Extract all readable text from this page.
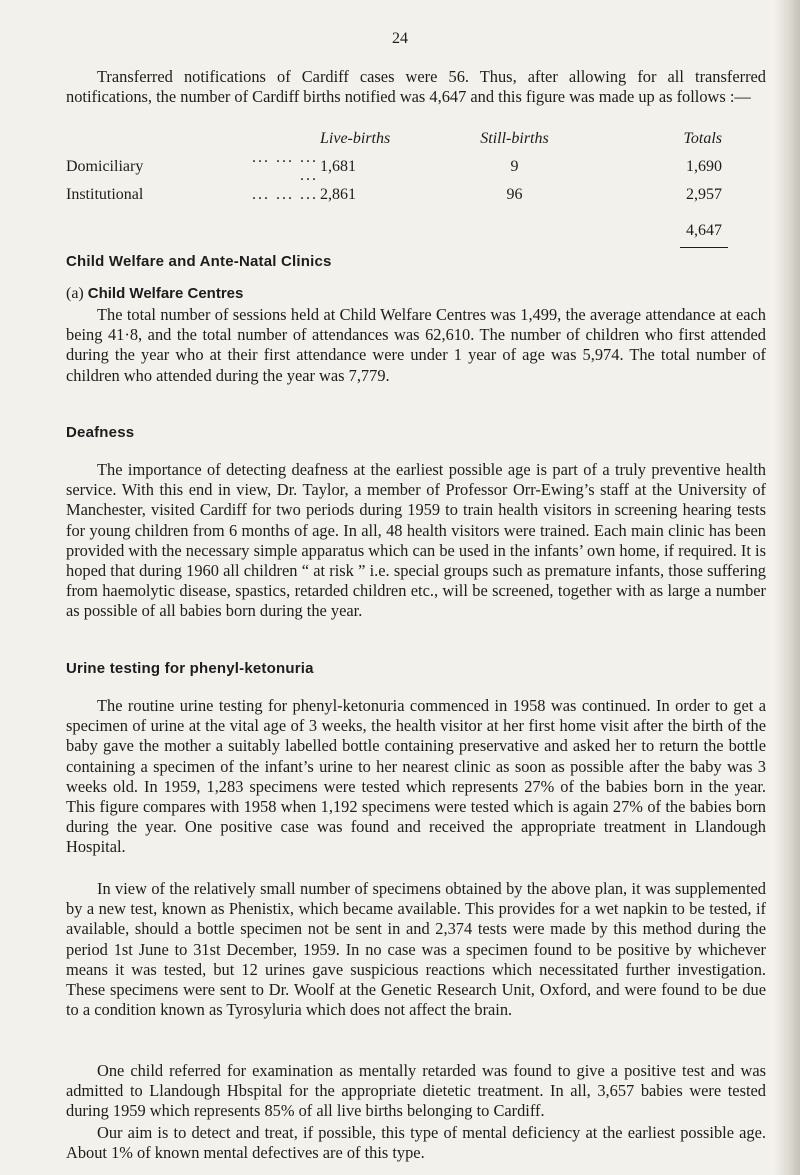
24

Transferred notifications of Cardiff cases were 56. Thus, after allowing for all transferred notifications, the number of Cardiff births notified was 4,647 and this figure was made up as follows :—

		Live-births	Still-births	Totals
Domiciliary	... ... ... ...	1,681	9	1,690
Institutional	... ... ...	2,861	96	2,957
				4,647
Child Welfare and Ante-Natal Clinics
(a) Child Welfare Centres

The total number of sessions held at Child Welfare Centres was 1,499, the average attendance at each being 41·8, and the total number of attendances was 62,610. The number of children who first attended during the year who at their first attendance were under 1 year of age was 5,974. The total number of children who attended during the year was 7,779.

Deafness

The importance of detecting deafness at the earliest possible age is part of a truly preventive health service. With this end in view, Dr. Taylor, a member of Professor Orr-Ewing’s staff at the University of Manchester, visited Cardiff for two periods during 1959 to train health visitors in screening hearing tests for young children from 6 months of age. In all, 48 health visitors were trained. Each main clinic has been provided with the necessary simple apparatus which can be used in the infants’ own home, if required. It is hoped that during 1960 all children “ at risk ” i.e. special groups such as premature infants, those suffering from haemolytic disease, spastics, retarded children etc., will be screened, together with as large a number as possible of all babies born during the year.

Urine testing for phenyl-ketonuria

The routine urine testing for phenyl-ketonuria commenced in 1958 was continued. In order to get a specimen of urine at the vital age of 3 weeks, the health visitor at her first home visit after the birth of the baby gave the mother a suitably labelled bottle containing preservative and asked her to return the bottle containing a specimen of the infant’s urine to her nearest clinic as soon as possible after the baby was 3 weeks old. In 1959, 1,283 specimens were tested which represents 27% of the babies born in the year. This figure compares with 1958 when 1,192 specimens were tested which is again 27% of the babies born during the year. One positive case was found and received the appropriate treatment in Llandough Hospital.

In view of the relatively small number of specimens obtained by the above plan, it was supplemented by a new test, known as Phenistix, which became available. This provides for a wet napkin to be tested, if available, should a bottle specimen not be sent in and 2,374 tests were made by this method during the period 1st June to 31st December, 1959. In no case was a specimen found to be positive by whichever means it was tested, but 12 urines gave suspicious reactions which necessitated further investigation. These specimens were sent to Dr. Woolf at the Genetic Research Unit, Oxford, and were found to be due to a condition known as Tyrosyluria which does not affect the brain.

One child referred for examination as mentally retarded was found to give a positive test and was admitted to Llandough Hbspital for the appropriate dietetic treatment. In all, 3,657 babies were tested during 1959 which represents 85% of all live births belonging to Cardiff.

Our aim is to detect and treat, if possible, this type of mental deficiency at the earliest possible age. About 1% of known mental defectives are of this type.
